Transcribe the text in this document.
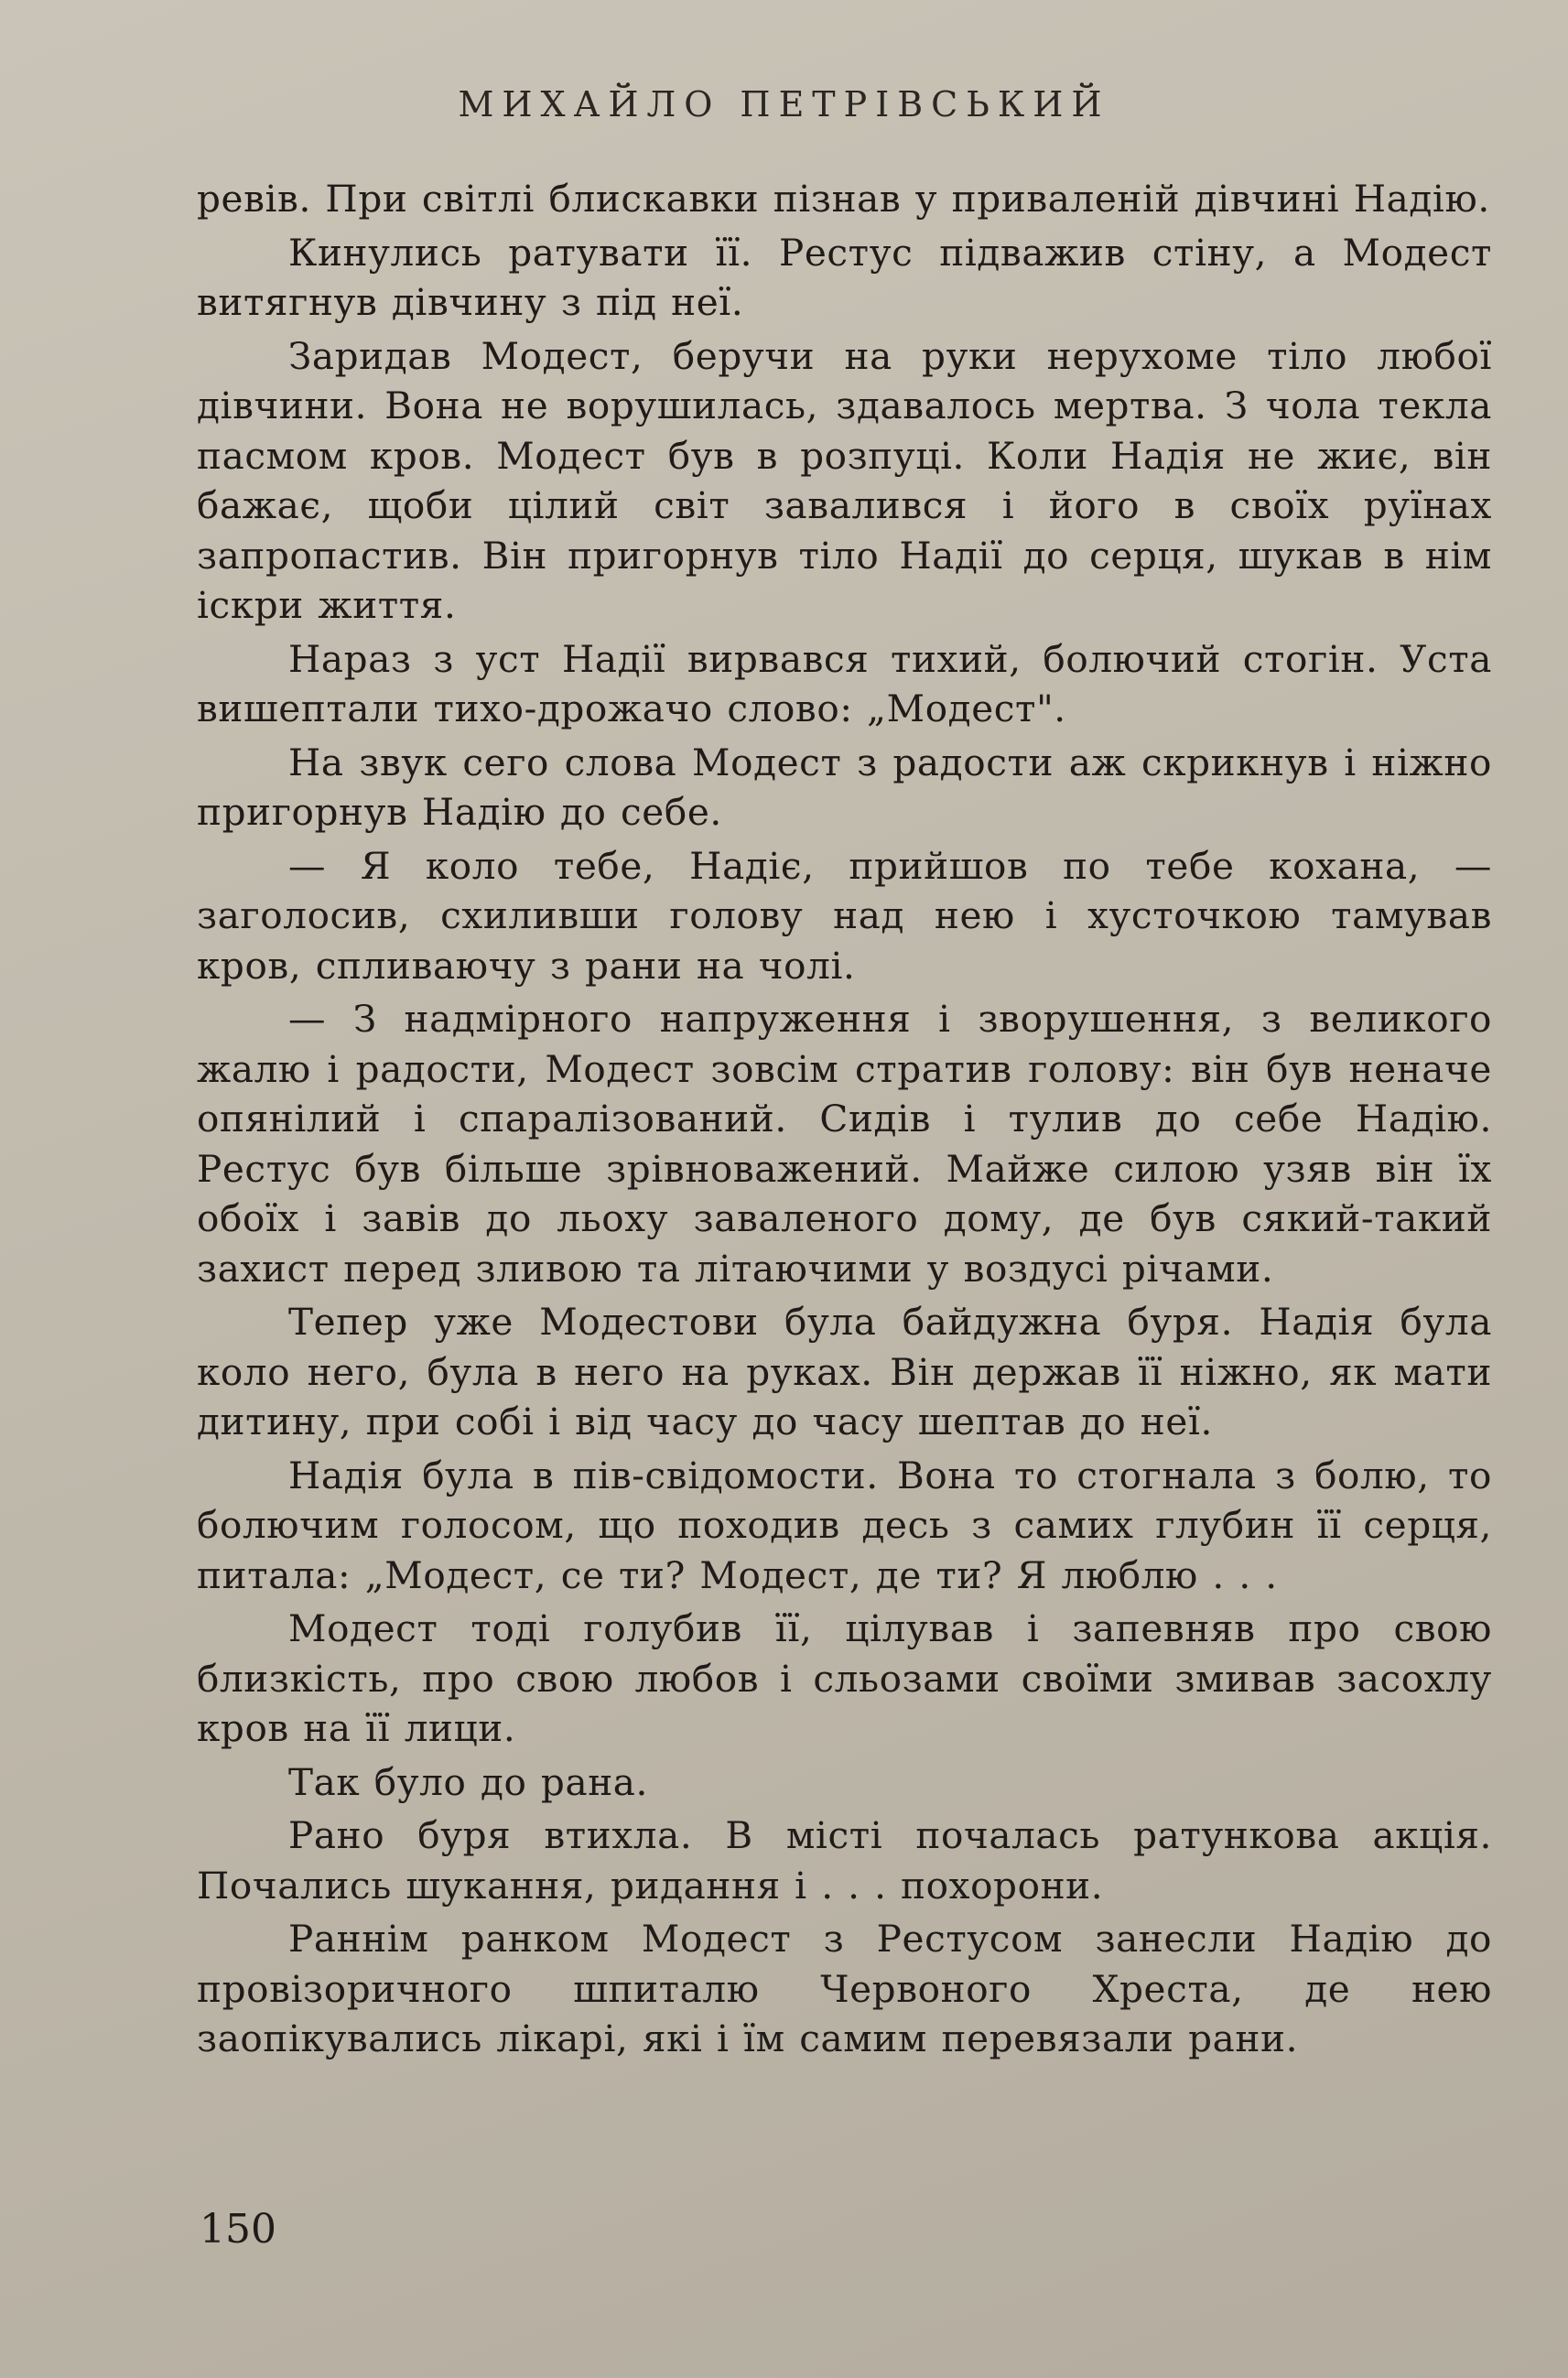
МИХАЙЛО ПЕТРІВСЬКИЙ

ревів. При світлі блискавки пізнав у приваленій дівчині Надію.

Кинулись ратувати її. Рестус підважив стіну, а Модест витягнув дівчину з під неї.

Заридав Модест, беручи на руки нерухоме тіло любої дівчини. Вона не ворушилась, здавалось мертва. З чола текла пасмом кров. Модест був в розпуці. Коли Надія не жиє, він бажає, щоби цілий світ завалився і його в своїх руїнах запропастив. Він пригорнув тіло Надії до серця, шукав в нім іскри життя.

Нараз з уст Надії вирвався тихий, болючий стогін. Уста вишептали тихо-дрожачо слово: „Модест".

На звук сего слова Модест з радости аж скрикнув і ніжно пригорнув Надію до себе.

— Я коло тебе, Надіє, прийшов по тебе кохана, — заголосив, схиливши голову над нею і хусточкою тамував кров, спливаючу з рани на чолі.

— З надмірного напруження і зворушення, з великого жалю і радости, Модест зовсім стратив голову: він був неначе опянілий і спаралізований. Сидів і тулив до себе Надію. Рестус був більше зрівноважений. Майже силою узяв він їх обоїх і завів до льоху заваленого дому, де був сякий-такий захист перед зливою та літаючими у воздусі річами.

Тепер уже Модестови була байдужна буря. Надія була коло него, була в него на руках. Він держав її ніжно, як мати дитину, при собі і від часу до часу шептав до неї.

Надія була в пів-свідомости. Вона то стогнала з болю, то болючим голосом, що походив десь з самих глубин її серця, питала: „Модест, се ти? Модест, де ти? Я люблю . . .

Модест тоді голубив її, цілував і запевняв про свою близкість, про свою любов і сльозами своїми змивав засохлу кров на її лици.

Так було до рана.

Рано буря втихла. В місті почалась ратункова акція. Почались шукання, ридання і . . . похорони.

Раннім ранком Модест з Рестусом занесли Надію до провізоричного шпиталю Червоного Хреста, де нею заопікувались лікарі, які і їм самим перевязали рани.

150
